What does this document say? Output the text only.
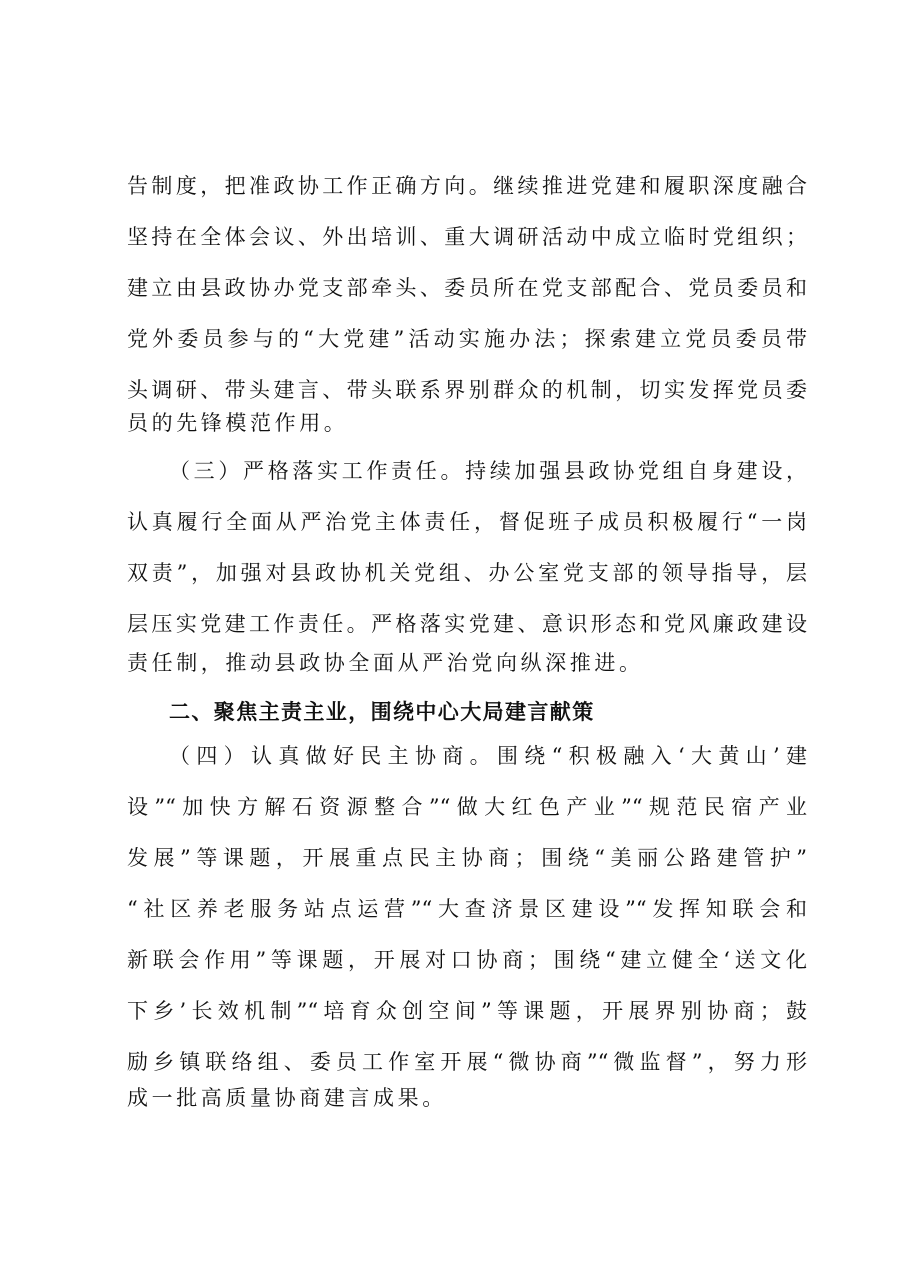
告制度，把准政协工作正确方向。继续推进党建和履职深度融合
坚持在全体会议、外出培训、重大调研活动中成立临时党组织；
建立由县政协办党支部牵头、委员所在党支部配合、党员委员和
党外委员参与的“大党建”活动实施办法；探索建立党员委员带
头调研、带头建言、带头联系界别群众的机制，切实发挥党员委
员的先锋模范作用。
（三）严格落实工作责任。持续加强县政协党组自身建设，
认真履行全面从严治党主体责任，督促班子成员积极履行“一岗
双责”，加强对县政协机关党组、办公室党支部的领导指导，层
层压实党建工作责任。严格落实党建、意识形态和党风廉政建设
责任制，推动县政协全面从严治党向纵深推进。
二、聚焦主责主业，围绕中心大局建言献策
（四）认真做好民主协商。围绕“积极融入‘大黄山’建
设”“加快方解石资源整合”“做大红色产业”“规范民宿产业
发展”等课题，开展重点民主协商；围绕“美丽公路建管护”
“社区养老服务站点运营”“大查济景区建设”“发挥知联会和
新联会作用”等课题，开展对口协商；围绕“建立健全‘送文化
下乡’长效机制”“培育众创空间”等课题，开展界别协商；鼓
励乡镇联络组、委员工作室开展“微协商”“微监督”，努力形
成一批高质量协商建言成果。
